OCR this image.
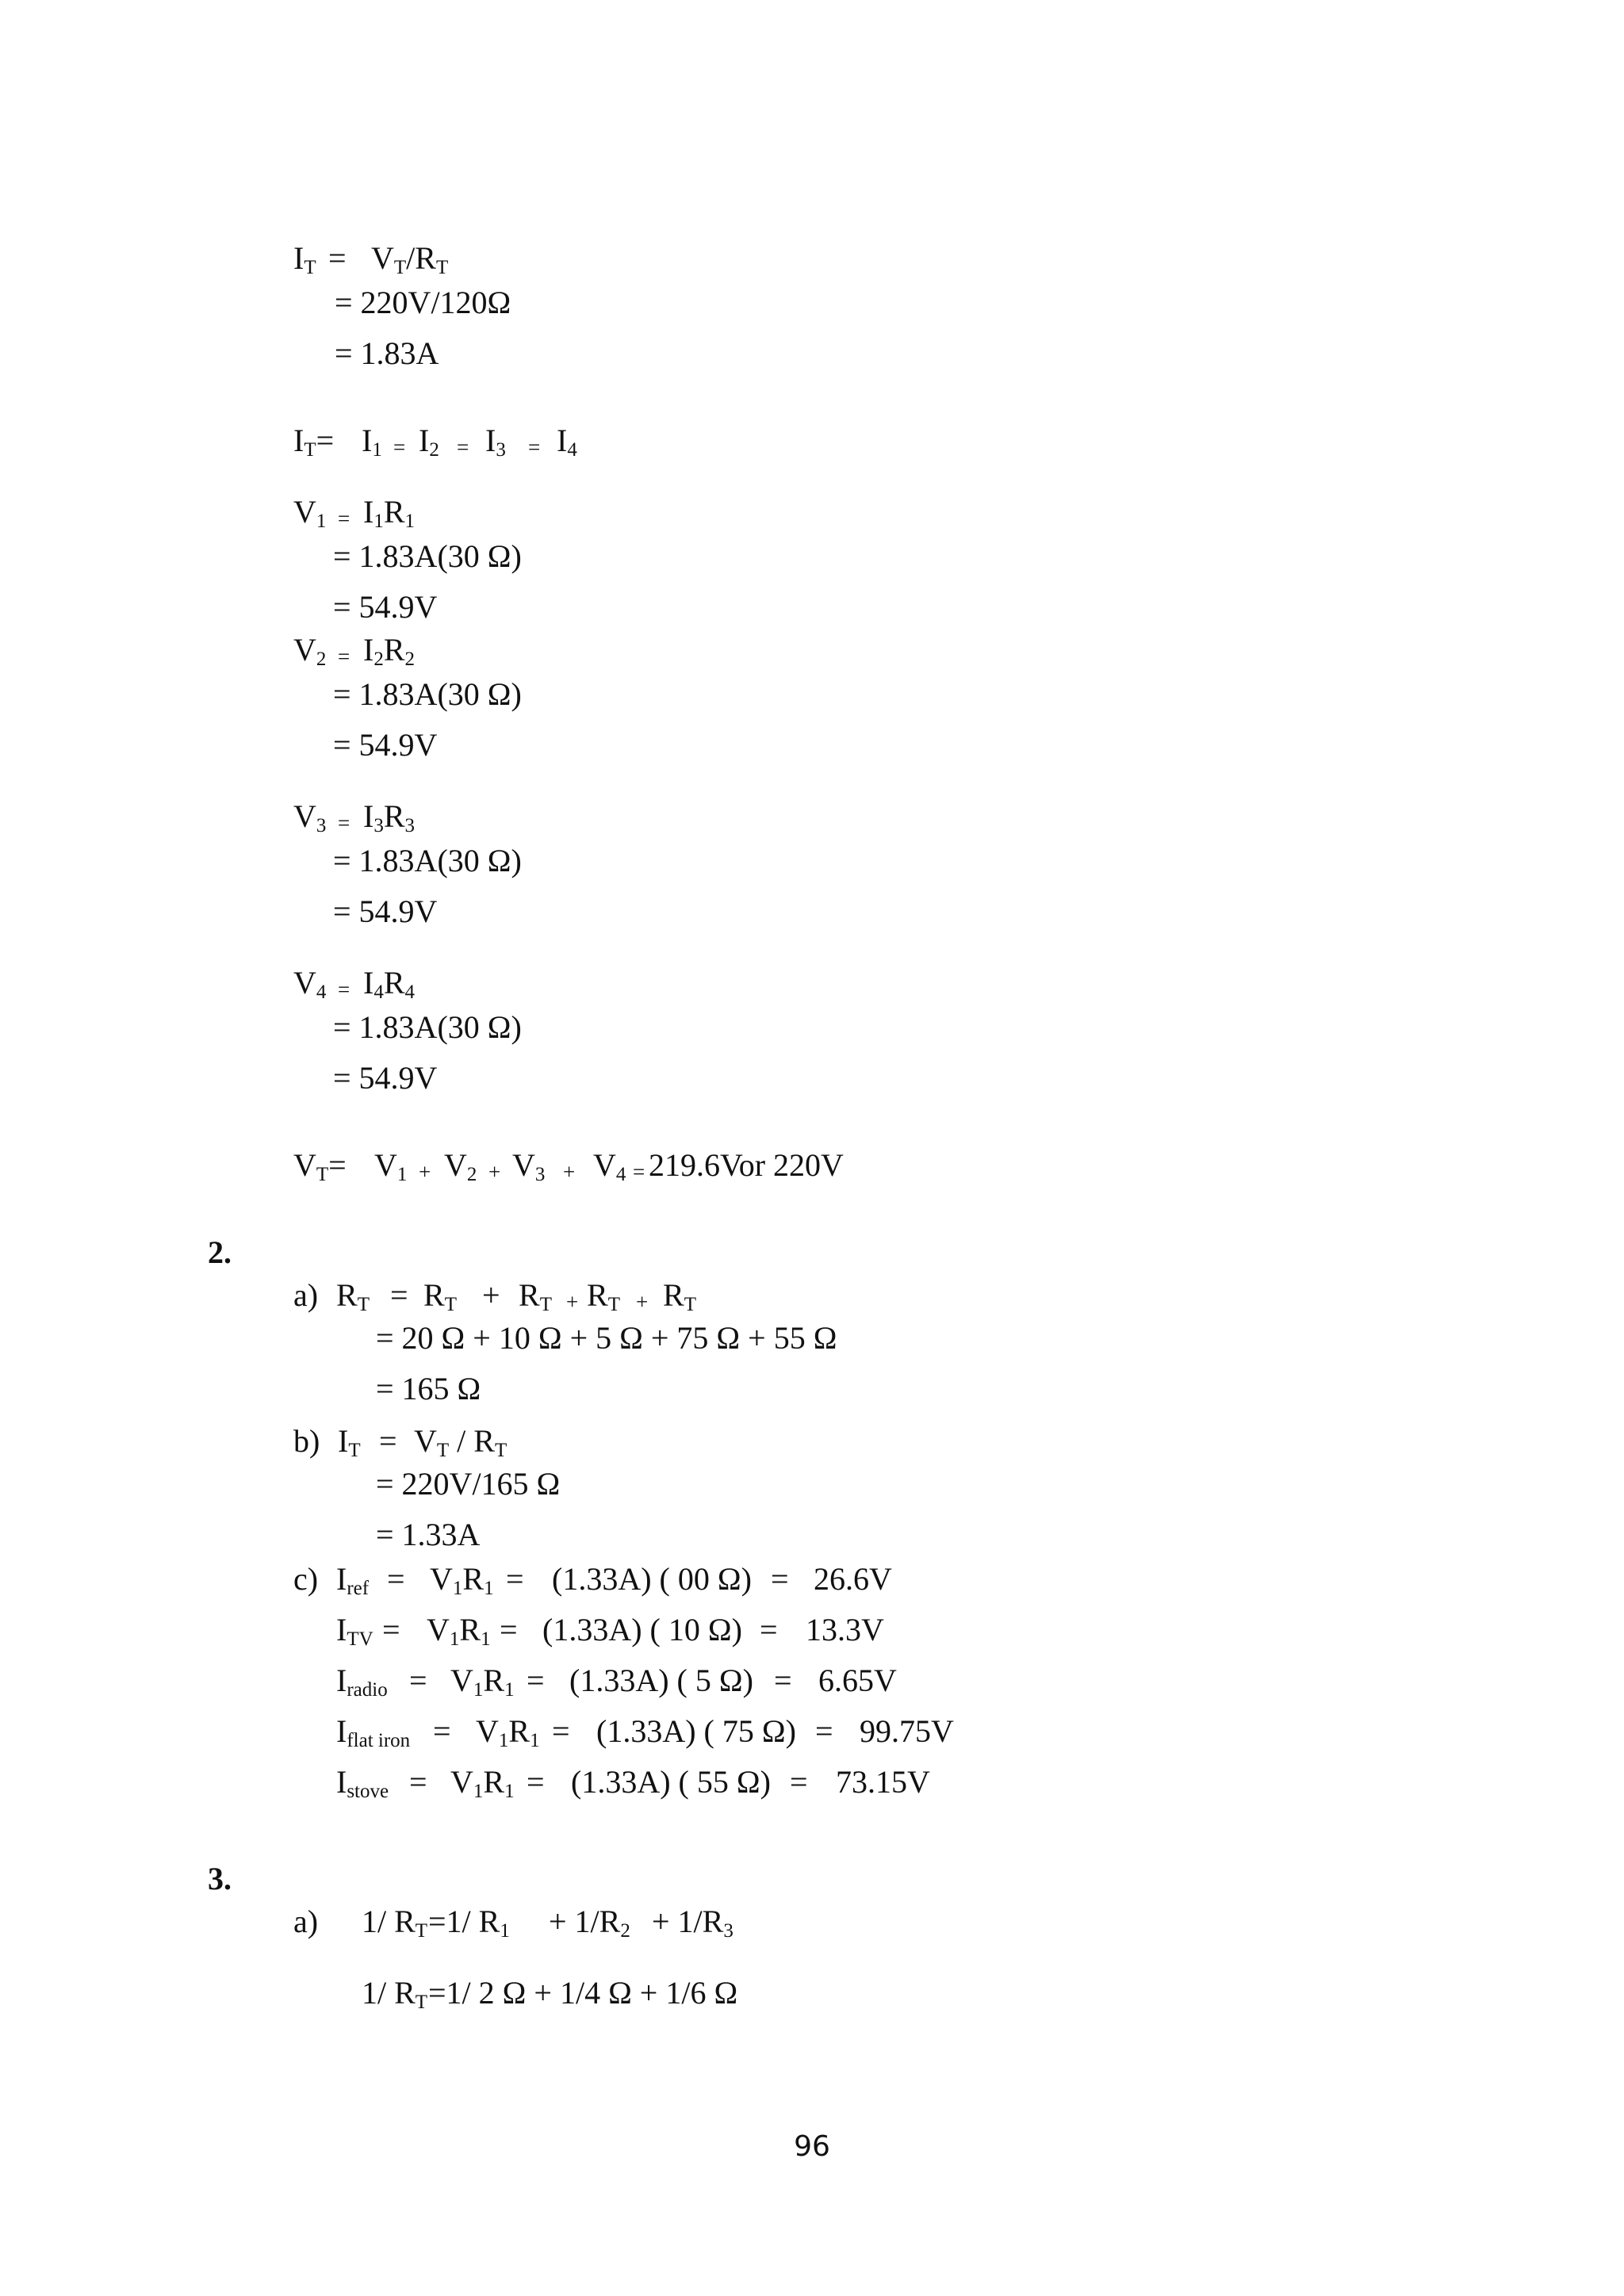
IT = VT/RT
= 220V/120Ω
= 1.83A
IT= I1 = I2 = I3 = I4
V1 = I1R1
= 1.83A(30 Ω)
= 54.9V
V2 = I2R2
= 1.83A(30 Ω)
= 54.9V
V3 = I3R3
= 1.83A(30 Ω)
= 54.9V
V4 = I4R4
= 1.83A(30 Ω)
= 54.9V
VT= V1 + V2 + V3 + V4 = 219.6Vor 220V
2.
a) RT = RT + RT + RT + RT
= 20 Ω + 10 Ω + 5 Ω + 75 Ω + 55 Ω
= 165 Ω
b) IT = VT / RT
= 220V/165 Ω
= 1.33A
c) Iref = V1R1 = (1.33A) ( 00 Ω) = 26.6V
ITV = V1R1 = (1.33A) ( 10 Ω) = 13.3V
Iradio = V1R1 = (1.33A) ( 5 Ω) = 6.65V
Iflat iron = V1R1 = (1.33A) ( 75 Ω) = 99.75V
Istove = V1R1 = (1.33A) ( 55 Ω) = 73.15V
3.
a) 1/ RT =1/ R1 + 1/R2 + 1/R3
1/ RT =1/ 2 Ω + 1/4 Ω + 1/6 Ω
96
